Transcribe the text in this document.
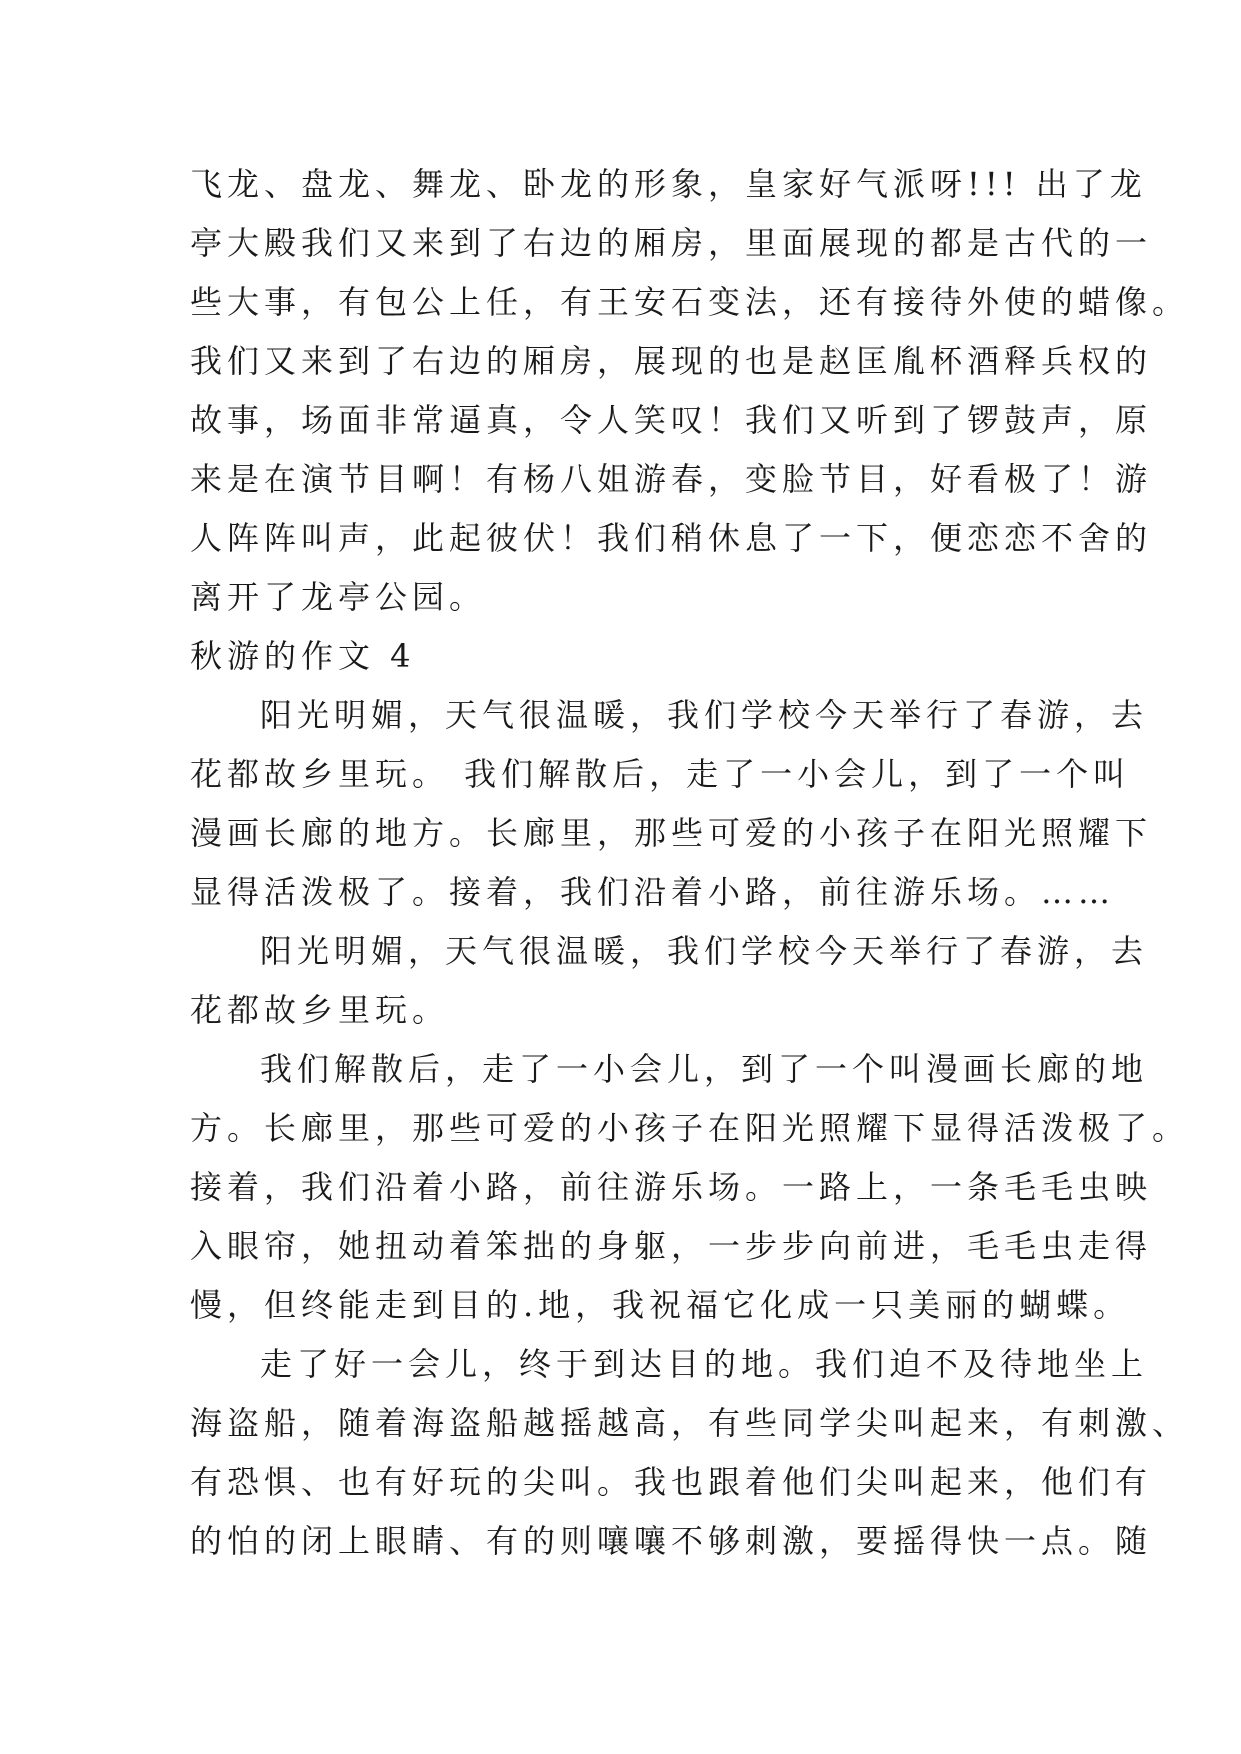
飞龙、盘龙、舞龙、卧龙的形象，皇家好气派呀!!! 出了龙
亭大殿我们又来到了右边的厢房，里面展现的都是古代的一
些大事，有包公上任，有王安石变法，还有接待外使的蜡像。
我们又来到了右边的厢房，展现的也是赵匡胤杯酒释兵权的
故事，场面非常逼真，令人笑叹！我们又听到了锣鼓声，原
来是在演节目啊！有杨八姐游春，变脸节目，好看极了！游
人阵阵叫声，此起彼伏！我们稍休息了一下，便恋恋不舍的
离开了龙亭公园。
秋游的作文 4
阳光明媚，天气很温暖，我们学校今天举行了春游，去
花都故乡里玩。 我们解散后，走了一小会儿，到了一个叫
漫画长廊的地方。长廊里，那些可爱的小孩子在阳光照耀下
显得活泼极了。接着，我们沿着小路，前往游乐场。……
阳光明媚，天气很温暖，我们学校今天举行了春游，去
花都故乡里玩。
我们解散后，走了一小会儿，到了一个叫漫画长廊的地
方。长廊里，那些可爱的小孩子在阳光照耀下显得活泼极了。
接着，我们沿着小路，前往游乐场。一路上，一条毛毛虫映
入眼帘，她扭动着笨拙的身躯，一步步向前进，毛毛虫走得
慢，但终能走到目的.地，我祝福它化成一只美丽的蝴蝶。
走了好一会儿，终于到达目的地。我们迫不及待地坐上
海盗船，随着海盗船越摇越高，有些同学尖叫起来，有刺激、
有恐惧、也有好玩的尖叫。我也跟着他们尖叫起来，他们有
的怕的闭上眼睛、有的则嚷嚷不够刺激，要摇得快一点。随
